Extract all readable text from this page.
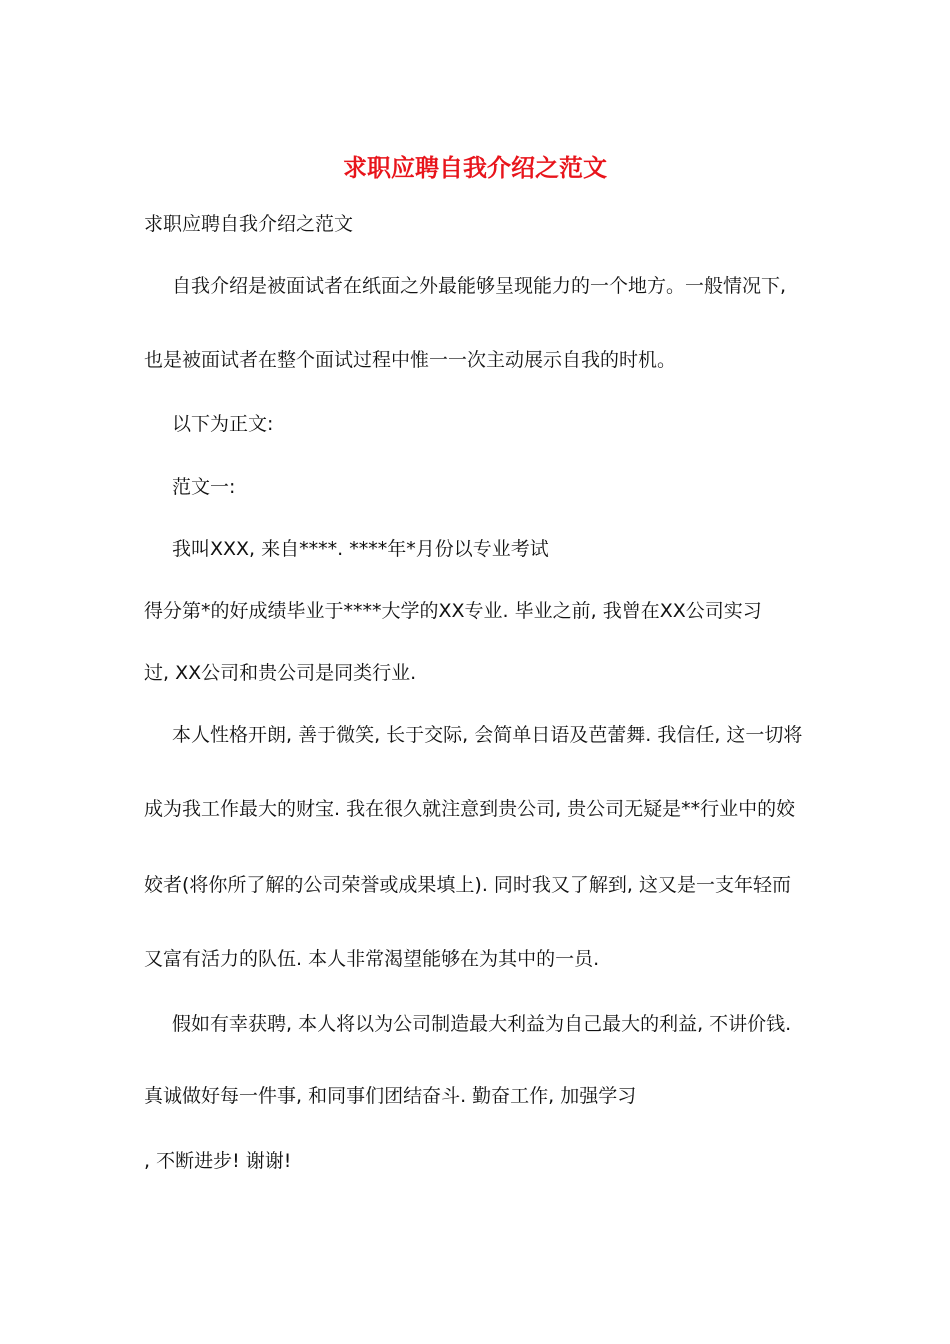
求职应聘自我介绍之范文

求职应聘自我介绍之范文

自我介绍是被面试者在纸面之外最能够呈现能力的一个地方。一般情况下,

也是被面试者在整个面试过程中惟一一次主动展示自我的时机。

以下为正文:

范文一:

我叫XXX, 来自****. ****年*月份以专业考试

得分第*的好成绩毕业于****大学的XX专业. 毕业之前, 我曾在XX公司实习

过, XX公司和贵公司是同类行业.

本人性格开朗, 善于微笑, 长于交际, 会简单日语及芭蕾舞. 我信任, 这一切将

成为我工作最大的财宝. 我在很久就注意到贵公司, 贵公司无疑是**行业中的姣

姣者(将你所了解的公司荣誉或成果填上). 同时我又了解到, 这又是一支年轻而

又富有活力的队伍. 本人非常渴望能够在为其中的一员.

假如有幸获聘, 本人将以为公司制造最大利益为自己最大的利益, 不讲价钱.

真诚做好每一件事, 和同事们团结奋斗. 勤奋工作, 加强学习

, 不断进步! 谢谢!
